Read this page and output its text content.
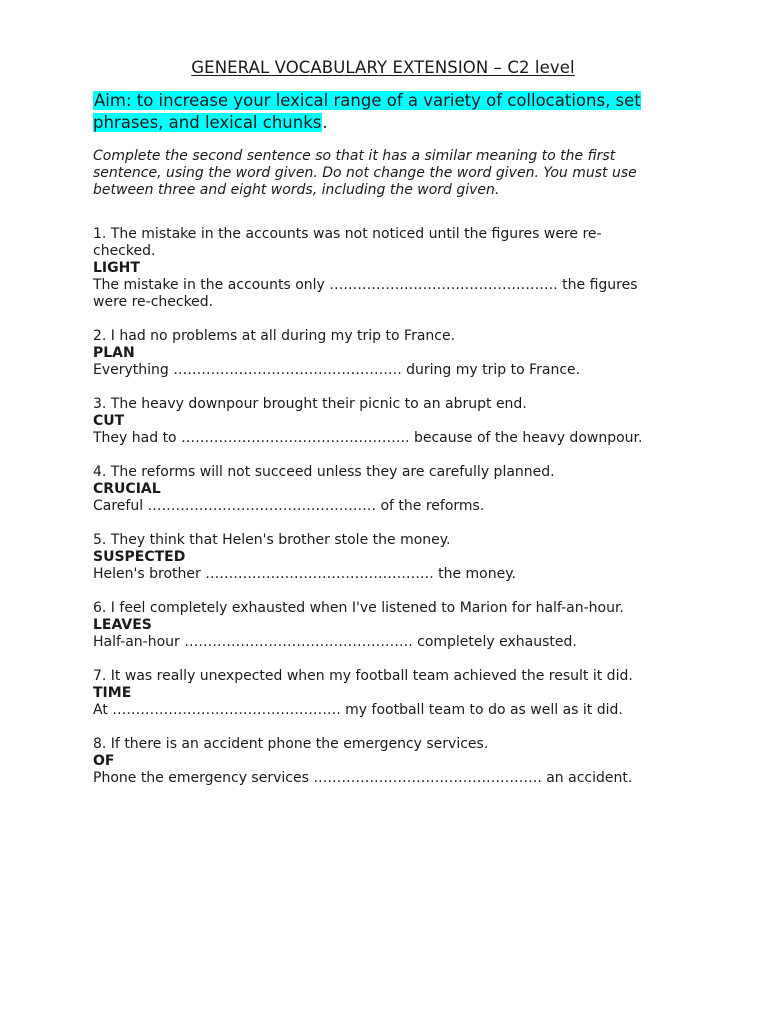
GENERAL VOCABULARY EXTENSION – C2 level
Aim: to increase your lexical range of a variety of collocations, set phrases, and lexical chunks.
Complete the second sentence so that it has a similar meaning to the first sentence, using the word given. Do not change the word given. You must use between three and eight words, including the word given.
1. The mistake in the accounts was not noticed until the figures were re-checked.
LIGHT
The mistake in the accounts only …………………………………………. the figures were re-checked.
2. I had no problems at all during my trip to France.
PLAN
Everything …………………………………………. during my trip to France.
3. The heavy downpour brought their picnic to an abrupt end.
CUT
They had to …………………………………………. because of the heavy downpour.
4. The reforms will not succeed unless they are carefully planned.
CRUCIAL
Careful …………………………………………. of the reforms.
5. They think that Helen's brother stole the money.
SUSPECTED
Helen's brother …………………………………………. the money.
6. I feel completely exhausted when I've listened to Marion for half-an-hour.
LEAVES
Half-an-hour …………………………………………. completely exhausted.
7. It was really unexpected when my football team achieved the result it did.
TIME
At …………………………………………. my football team to do as well as it did.
8. If there is an accident phone the emergency services.
OF
Phone the emergency services …………………………………………. an accident.
